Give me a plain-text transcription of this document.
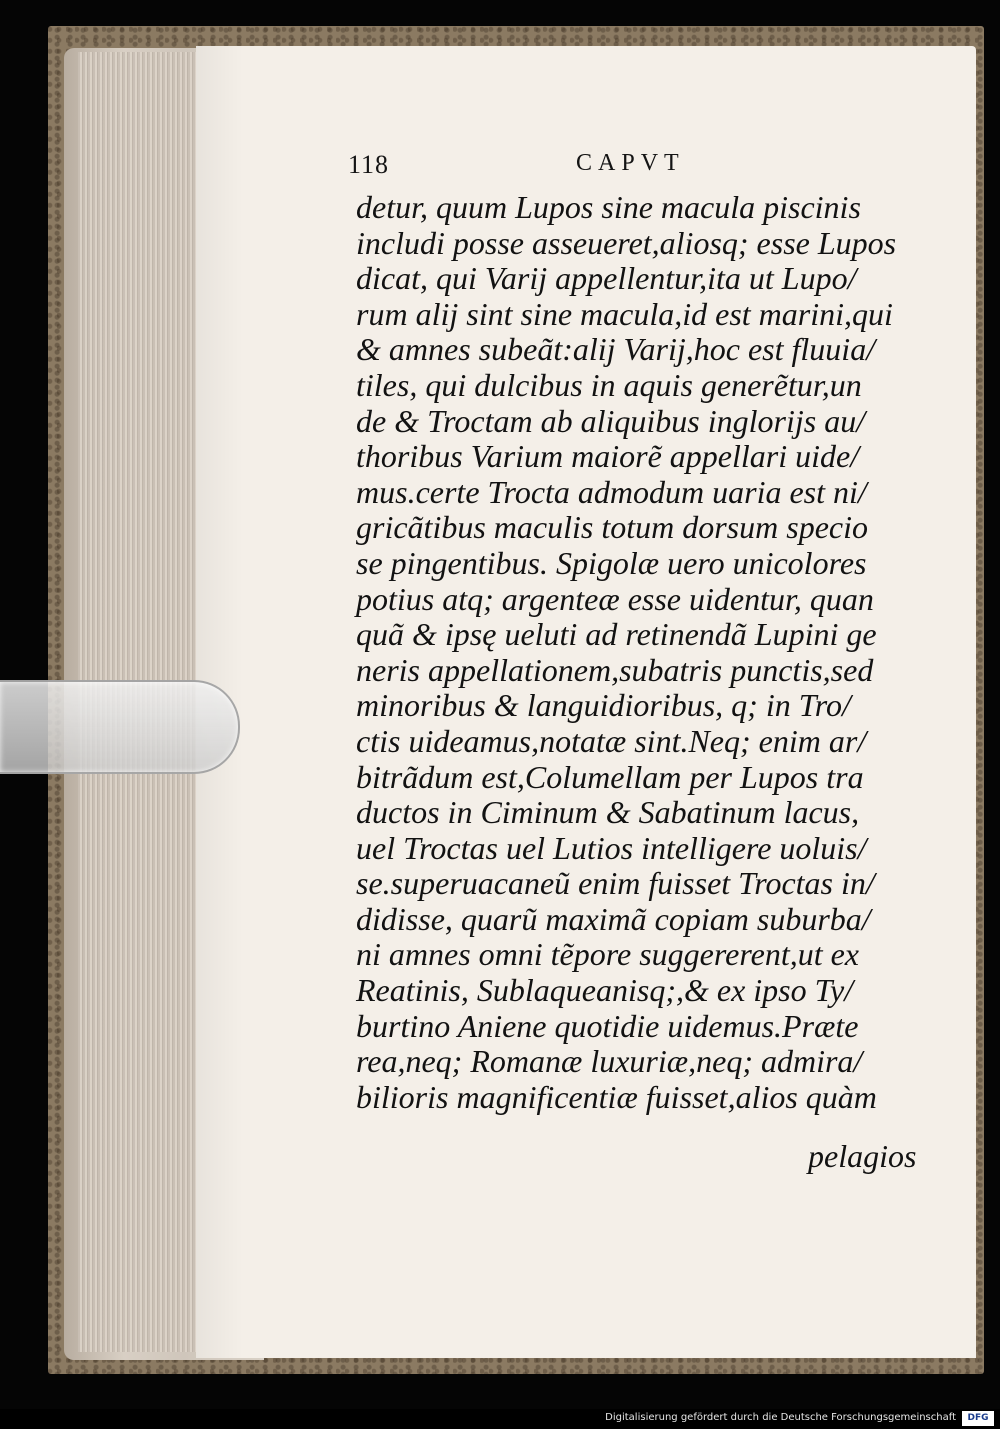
118	CAPVT
detur, quum Lupos sine macula piscinis
includi posse asseueret,aliosq; esse Lupos
dicat, qui Varij appellentur,ita ut Lupo/
rum alij sint sine macula,id est marini,qui
& amnes subeãt:alij Varij,hoc est fluuia/
tiles, qui dulcibus in aquis generẽtur,un
de & Troctam ab aliquibus inglorijs au/
thoribus Varium maiorẽ appellari uide/
mus.certe Trocta admodum uaria est ni/
gricãtibus maculis totum dorsum specio
se pingentibus. Spigolæ uero unicolores
potius atq; argenteæ esse uidentur, quan
quã & ipsę ueluti ad retinendã Lupini ge
neris appellationem,subatris punctis,sed
minoribus & languidioribus, q; in Tro/
ctis uideamus,notatæ sint.Neq; enim ar/
bitrãdum est,Columellam per Lupos tra
ductos in Ciminum & Sabatinum lacus,
uel Troctas uel Lutios intelligere uoluis/
se.superuacaneũ enim fuisset Troctas in/
didisse, quarũ maximã copiam suburba/
ni amnes omni tẽpore suggererent,ut ex
Reatinis, Sublaqueanisq;,& ex ipso Ty/
burtino Aniene quotidie uidemus.Præte
rea,neq; Romanæ luxuriæ,neq; admira/
bilioris magnificentiæ fuisset,alios quàm
pelagios
Digitalisierung gefördert durch die Deutsche Forschungsgemeinschaft	DFG
